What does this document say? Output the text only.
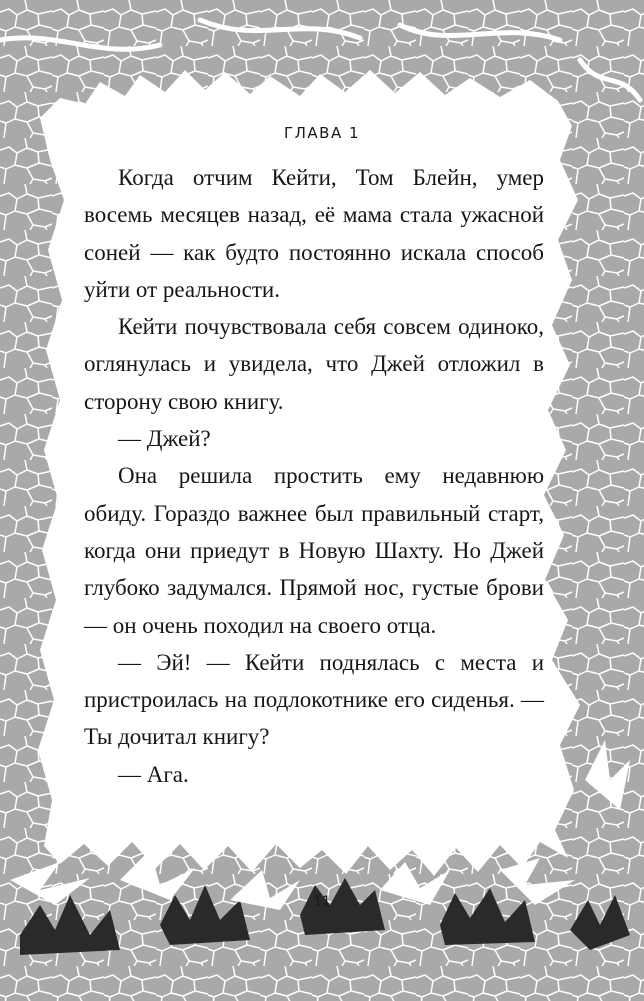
ГЛАВА 1

Когда отчим Кейти, Том Блейн, умер восемь месяцев назад, её мама стала ужасной соней — как будто постоянно искала способ уйти от реальности.

Кейти почувствовала себя совсем одиноко, оглянулась и увидела, что Джей отложил в сторону свою книгу.

— Джей?

Она решила простить ему недавнюю обиду. Гораздо важнее был правильный старт, когда они приедут в Новую Шахту. Но Джей глубоко задумался. Прямой нос, густые брови — он очень походил на своего отца.

— Эй! — Кейти поднялась с места и пристроилась на подлокотнике его сиденья. — Ты дочитал книгу?

— Ага.

11
